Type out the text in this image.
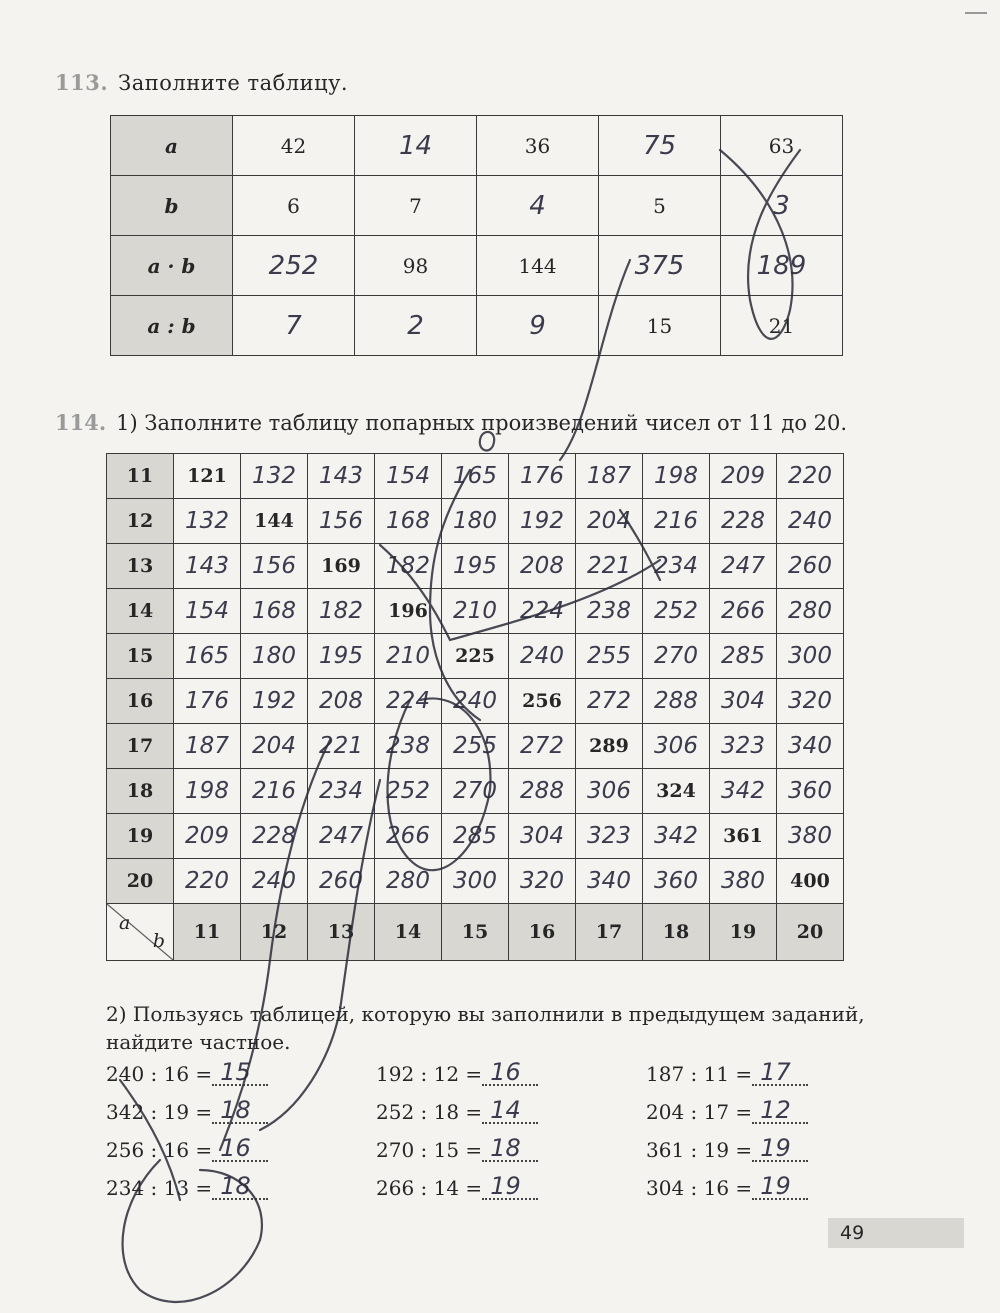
113. Заполните таблицу.
a	42	14	36	75	63
b	6	7	4	5	3
a · b	252	98	144	375	189
a : b	7	2	9	15	21
114. 1) Заполните таблицу попарных произведений чисел от 11 до 20.
11	121	132	143	154	165	176	187	198	209	220
12	132	144	156	168	180	192	204	216	228	240
13	143	156	169	182	195	208	221	234	247	260
14	154	168	182	196	210	224	238	252	266	280
15	165	180	195	210	225	240	255	270	285	300
16	176	192	208	224	240	256	272	288	304	320
17	187	204	221	238	255	272	289	306	323	340
18	198	216	234	252	270	288	306	324	342	360
19	209	228	247	266	285	304	323	342	361	380
20	220	240	260	280	300	320	340	360	380	400

a
b	11	12	13	14	15	16	17	18	19	20
2) Пользуясь таблицей, которую вы заполнили в предыдущем заданий, найдите частное.
240 : 16 = 15	192 : 12 = 16	187 : 11 = 17
342 : 19 = 18	252 : 18 = 14	204 : 17 = 12
256 : 16 = 16	270 : 15 = 18	361 : 19 = 19
234 : 13 = 18	266 : 14 = 19	304 : 16 = 19
49
